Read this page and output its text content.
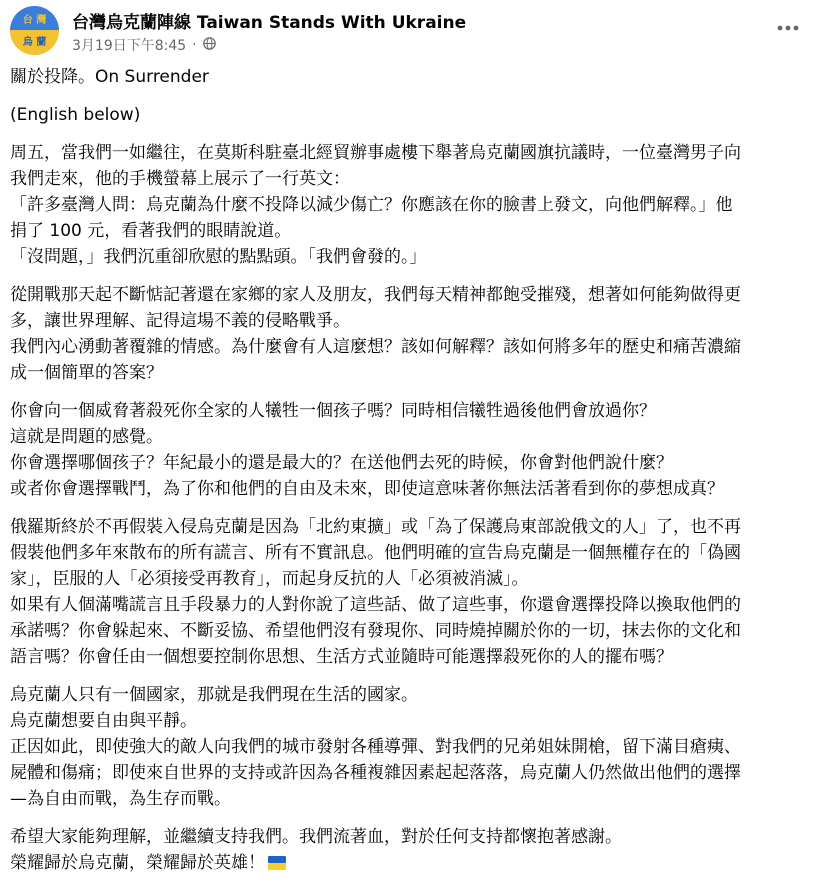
台 灣
烏 蘭
台灣烏克蘭陣線 Taiwan Stands With Ukraine
3月19日下午8:45 ·
關於投降。On Surrender
(English below)
周五，當我們一如繼往，在莫斯科駐臺北經貿辦事處樓下舉著烏克蘭國旗抗議時，一位臺灣男子向
我們走來，他的手機螢幕上展示了一行英文：
「許多臺灣人問：烏克蘭為什麼不投降以減少傷亡？你應該在你的臉書上發文，向他們解釋。」他
捐了 100 元，看著我們的眼睛說道。
「沒問題，」我們沉重卻欣慰的點點頭。「我們會發的。」
從開戰那天起不斷惦記著還在家鄉的家人及朋友，我們每天精神都飽受摧殘，想著如何能夠做得更
多，讓世界理解、記得這場不義的侵略戰爭。
我們內心湧動著覆雜的情感。為什麼會有人這麼想？該如何解釋？該如何將多年的歷史和痛苦濃縮
成一個簡單的答案？
你會向一個威脅著殺死你全家的人犧牲一個孩子嗎？同時相信犧牲過後他們會放過你？
這就是問題的感覺。
你會選擇哪個孩子？年紀最小的還是最大的？在送他們去死的時候，你會對他們說什麼？
或者你會選擇戰鬥，為了你和他們的自由及未來，即使這意味著你無法活著看到你的夢想成真？
俄羅斯終於不再假裝入侵烏克蘭是因為「北約東擴」或「為了保護烏東部說俄文的人」了，也不再
假裝他們多年來散布的所有謊言、所有不實訊息。他們明確的宣告烏克蘭是一個無權存在的「偽國
家」，臣服的人「必須接受再教育」，而起身反抗的人「必須被消滅」。
如果有人個滿嘴謊言且手段暴力的人對你說了這些話、做了這些事，你還會選擇投降以換取他們的
承諾嗎？你會躲起來、不斷妥協、希望他們沒有發現你、同時燒掉關於你的一切，抹去你的文化和
語言嗎？你會任由一個想要控制你思想、生活方式並隨時可能選擇殺死你的人的擺布嗎？
烏克蘭人只有一個國家，那就是我們現在生活的國家。
烏克蘭想要自由與平靜。
正因如此，即使強大的敵人向我們的城市發射各種導彈、對我們的兄弟姐妹開槍，留下滿目瘡痍、
屍體和傷痛；即使來自世界的支持或許因為各種複雜因素起起落落，烏克蘭人仍然做出他們的選擇
—為自由而戰，為生存而戰。
希望大家能夠理解，並繼續支持我們。我們流著血，對於任何支持都懷抱著感謝。
榮耀歸於烏克蘭，榮耀歸於英雄！
